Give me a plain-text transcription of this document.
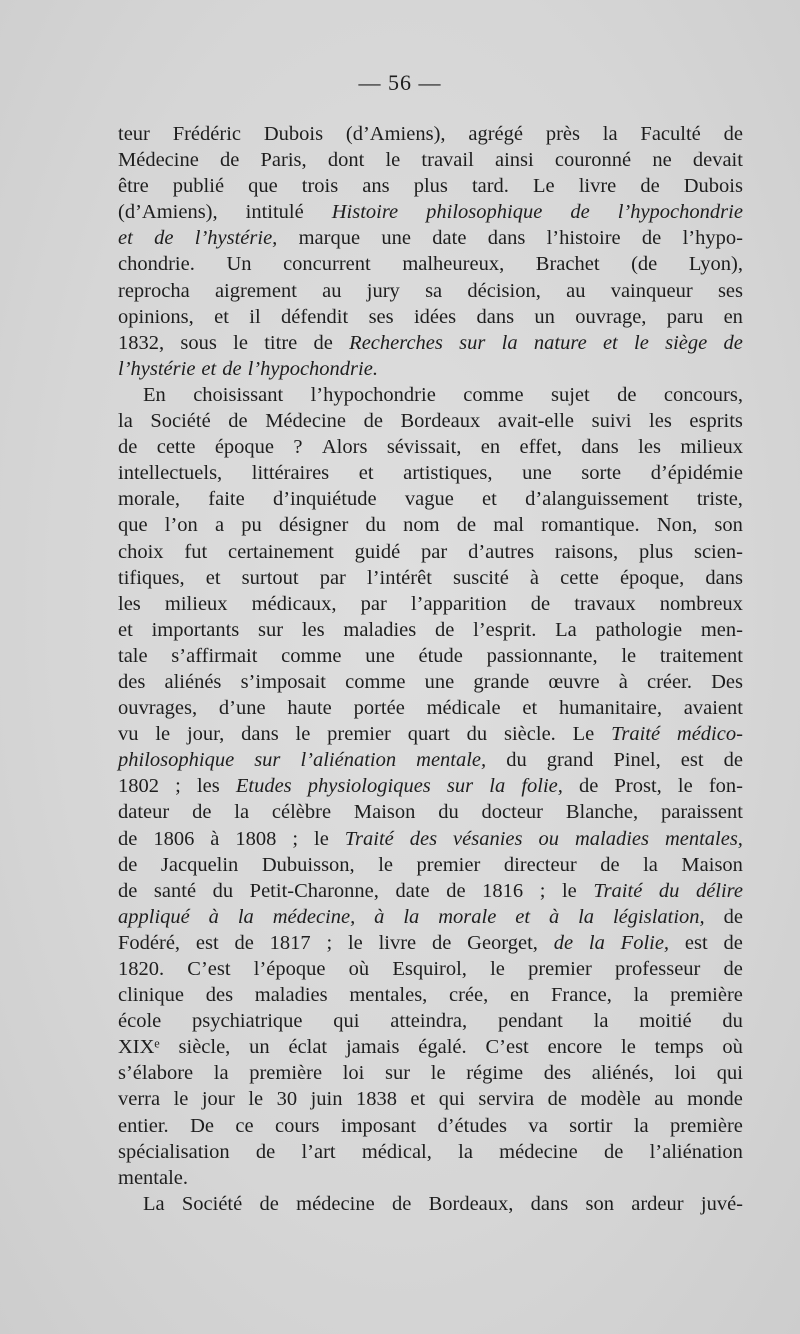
— 56 —
teur Frédéric Dubois (d’Amiens), agrégé près la Faculté de
Médecine de Paris, dont le travail ainsi couronné ne devait
être publié que trois ans plus tard. Le livre de Dubois
(d’Amiens), intitulé Histoire philosophique de l’hypochondrie
et de l’hystérie, marque une date dans l’histoire de l’hypo-
chondrie. Un concurrent malheureux, Brachet (de Lyon),
reprocha aigrement au jury sa décision, au vainqueur ses
opinions, et il défendit ses idées dans un ouvrage, paru en
1832, sous le titre de Recherches sur la nature et le siège de
l’hystérie et de l’hypochondrie.
En choisissant l’hypochondrie comme sujet de concours,
la Société de Médecine de Bordeaux avait-elle suivi les esprits
de cette époque ? Alors sévissait, en effet, dans les milieux
intellectuels, littéraires et artistiques, une sorte d’épidémie
morale, faite d’inquiétude vague et d’alanguissement triste,
que l’on a pu désigner du nom de mal romantique. Non, son
choix fut certainement guidé par d’autres raisons, plus scien-
tifiques, et surtout par l’intérêt suscité à cette époque, dans
les milieux médicaux, par l’apparition de travaux nombreux
et importants sur les maladies de l’esprit. La pathologie men-
tale s’affirmait comme une étude passionnante, le traitement
des aliénés s’imposait comme une grande œuvre à créer. Des
ouvrages, d’une haute portée médicale et humanitaire, avaient
vu le jour, dans le premier quart du siècle. Le Traité médico-
philosophique sur l’aliénation mentale, du grand Pinel, est de
1802 ; les Etudes physiologiques sur la folie, de Prost, le fon-
dateur de la célèbre Maison du docteur Blanche, paraissent
de 1806 à 1808 ; le Traité des vésanies ou maladies mentales,
de Jacquelin Dubuisson, le premier directeur de la Maison
de santé du Petit-Charonne, date de 1816 ; le Traité du délire
appliqué à la médecine, à la morale et à la législation, de
Fodéré, est de 1817 ; le livre de Georget, de la Folie, est de
1820. C’est l’époque où Esquirol, le premier professeur de
clinique des maladies mentales, crée, en France, la première
école psychiatrique qui atteindra, pendant la moitié du
XIXᵉ siècle, un éclat jamais égalé. C’est encore le temps où
s’élabore la première loi sur le régime des aliénés, loi qui
verra le jour le 30 juin 1838 et qui servira de modèle au monde
entier. De ce cours imposant d’études va sortir la première
spécialisation de l’art médical, la médecine de l’aliénation
mentale.
La Société de médecine de Bordeaux, dans son ardeur juvé-
